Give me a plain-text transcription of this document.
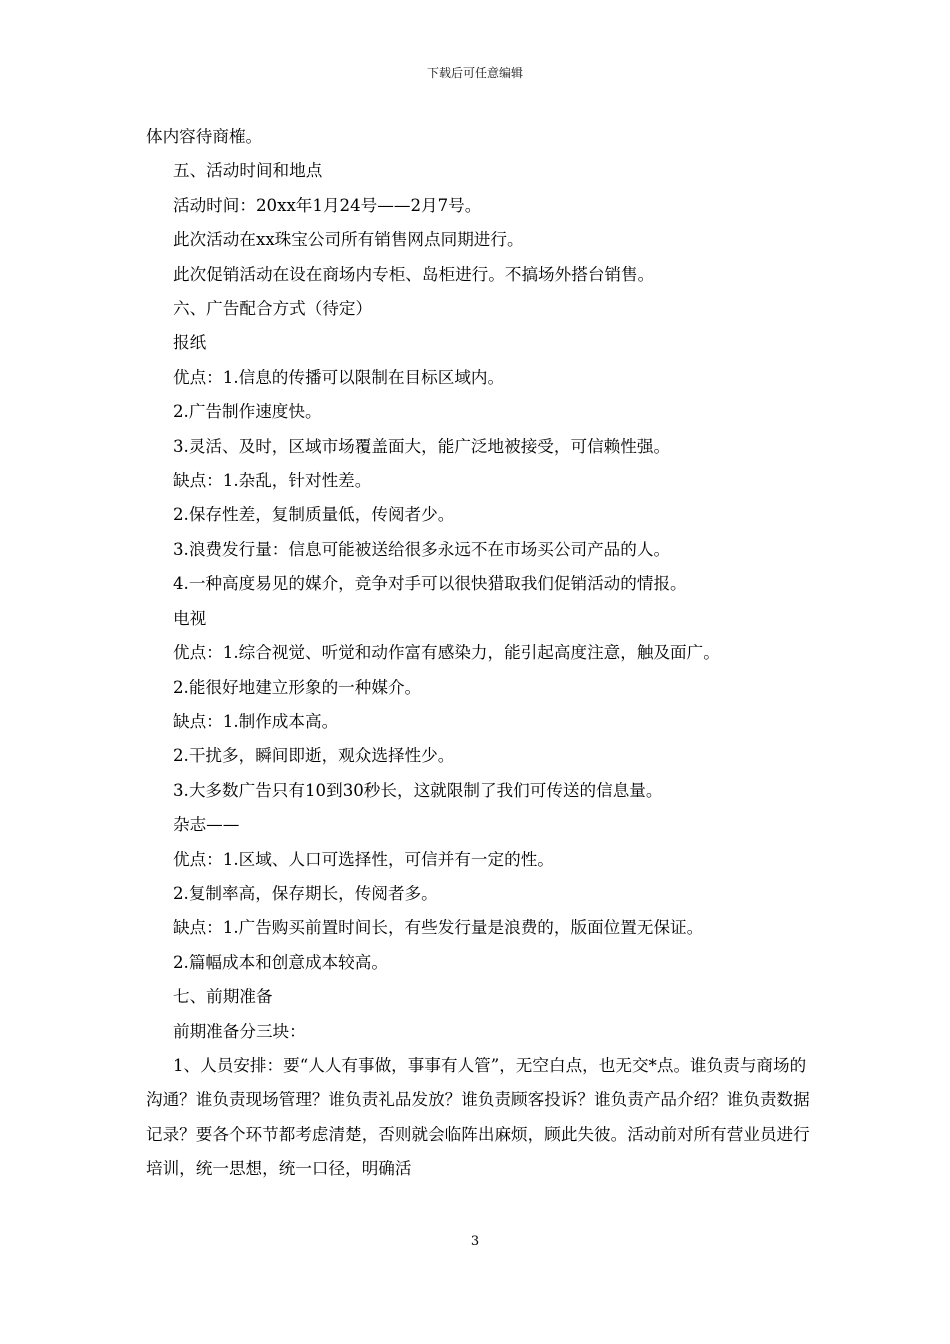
下载后可任意编辑

体内容待商榷。

五、活动时间和地点

活动时间：20xx年1月24号——2月7号。

此次活动在xx珠宝公司所有销售网点同期进行。

此次促销活动在设在商场内专柜、岛柜进行。不搞场外搭台销售。

六、广告配合方式（待定）

报纸

优点：1.信息的传播可以限制在目标区域内。

2.广告制作速度快。

3.灵活、及时，区域市场覆盖面大，能广泛地被接受，可信赖性强。

缺点：1.杂乱，针对性差。

2.保存性差，复制质量低，传阅者少。

3.浪费发行量：信息可能被送给很多永远不在市场买公司产品的人。

4.一种高度易见的媒介，竞争对手可以很快猎取我们促销活动的情报。

电视

优点：1.综合视觉、听觉和动作富有感染力，能引起高度注意，触及面广。

2.能很好地建立形象的一种媒介。

缺点：1.制作成本高。

2.干扰多，瞬间即逝，观众选择性少。

3.大多数广告只有10到30秒长，这就限制了我们可传送的信息量。

杂志——

优点：1.区域、人口可选择性，可信并有一定的性。

2.复制率高，保存期长，传阅者多。

缺点：1.广告购买前置时间长，有些发行量是浪费的，版面位置无保证。

2.篇幅成本和创意成本较高。

七、前期准备

前期准备分三块：

1、人员安排：要“人人有事做，事事有人管”，无空白点，也无交*点。谁负责与商场的沟通？谁负责现场管理？谁负责礼品发放？谁负责顾客投诉？谁负责产品介绍？谁负责数据记录？要各个环节都考虑清楚，否则就会临阵出麻烦，顾此失彼。活动前对所有营业员进行培训，统一思想，统一口径，明确活

3
